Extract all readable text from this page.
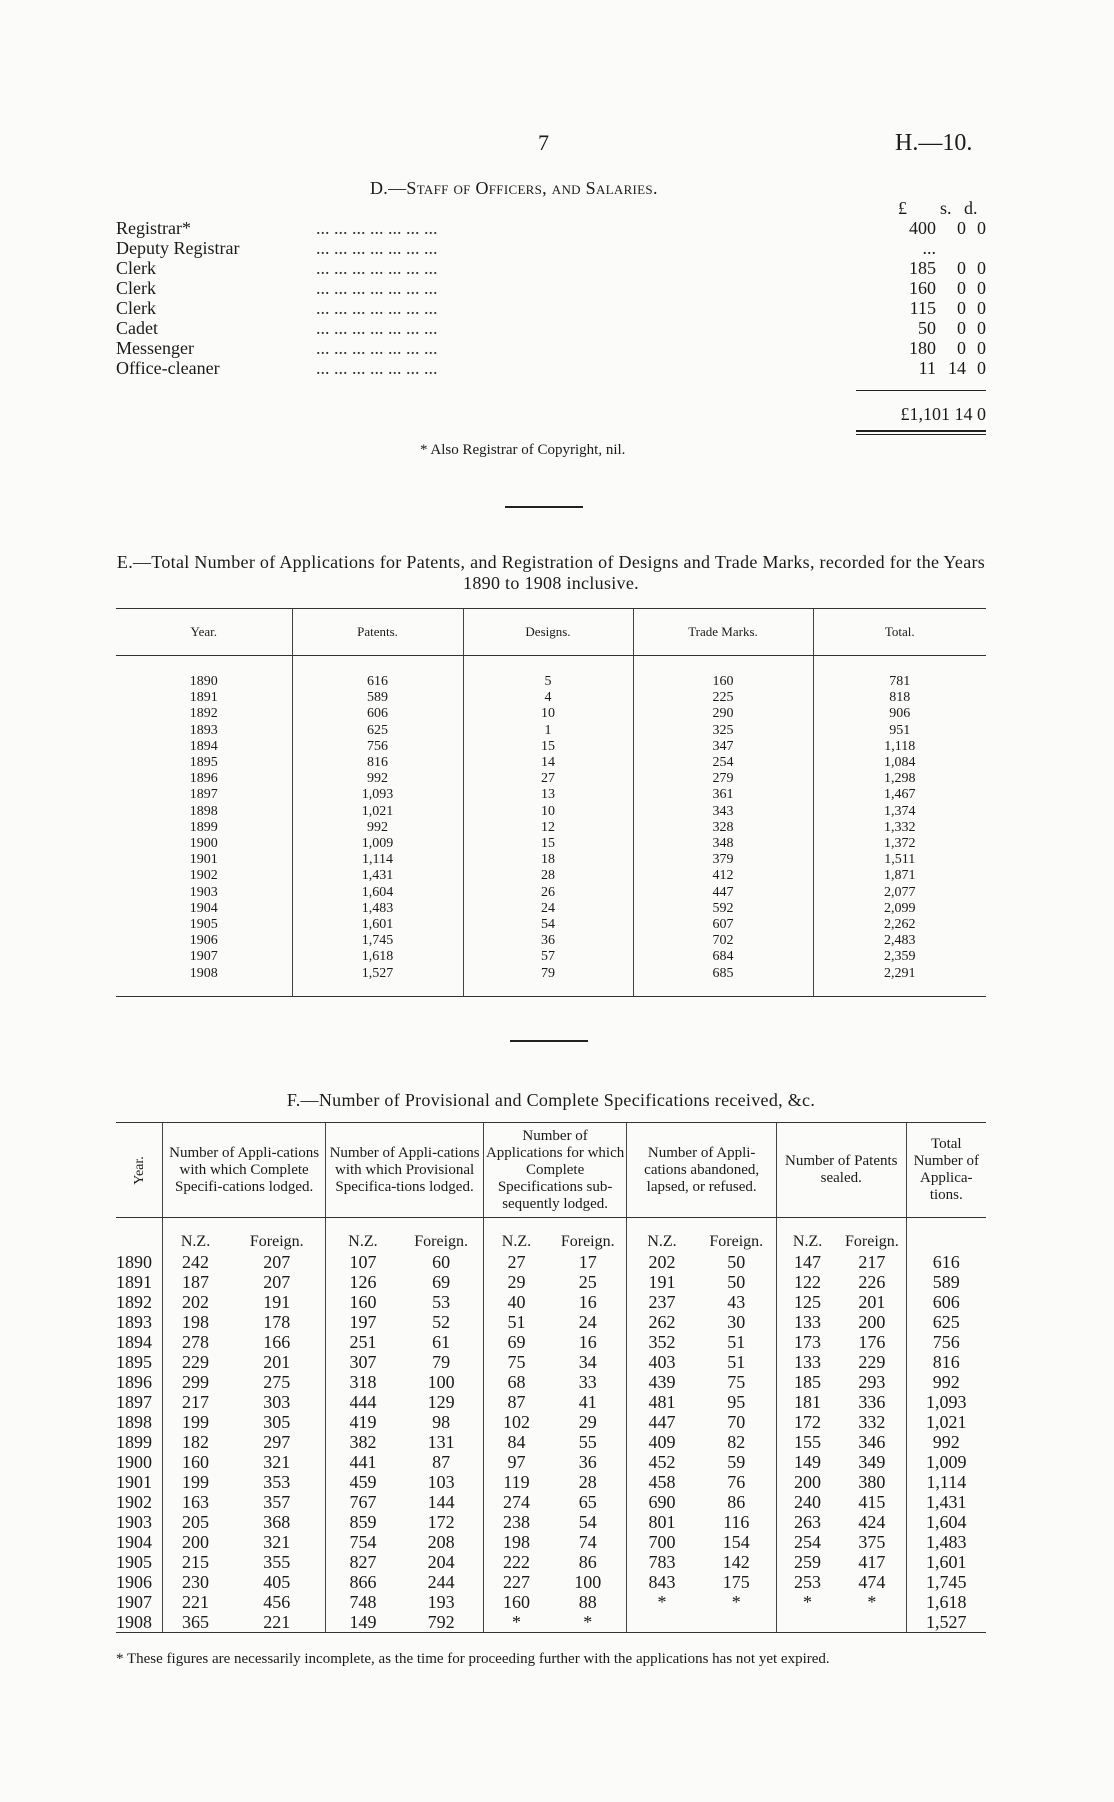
7	H.—10.
D.—Staff of Officers, and Salaries.
£ s. d.
Registrar*	... ... ... ... ... ... ...	400	0	0
Deputy Registrar	... ... ... ... ... ... ...	...		
Clerk	... ... ... ... ... ... ...	185	0	0
Clerk	... ... ... ... ... ... ...	160	0	0
Clerk	... ... ... ... ... ... ...	115	0	0
Cadet	... ... ... ... ... ... ...	50	0	0
Messenger	... ... ... ... ... ... ...	180	0	0
Office-cleaner	... ... ... ... ... ... ...	11	14	0
£1,101 14 0
* Also Registrar of Copyright, nil.
E.—Total Number of Applications for Patents, and Registration of Designs and Trade Marks, recorded for the Years 1890 to 1908 inclusive.
Year.	Patents.	Designs.	Trade Marks.	Total.
1890	616	5	160	781
1891	589	4	225	818
1892	606	10	290	906
1893	625	1	325	951
1894	756	15	347	1,118
1895	816	14	254	1,084
1896	992	27	279	1,298
1897	1,093	13	361	1,467
1898	1,021	10	343	1,374
1899	992	12	328	1,332
1900	1,009	15	348	1,372
1901	1,114	18	379	1,511
1902	1,431	28	412	1,871
1903	1,604	26	447	2,077
1904	1,483	24	592	2,099
1905	1,601	54	607	2,262
1906	1,745	36	702	2,483
1907	1,618	57	684	2,359
1908	1,527	79	685	2,291
F.—Number of Provisional and Complete Specifications received, &c.
Year.	Number of Appli-cations with which Complete Specifi-cations lodged.		Number of Appli-cations with which Provisional Specifica-tions lodged.		Number of Applications for which Complete Specifications sub-sequently lodged.		Number of Appli-cations abandoned, lapsed, or refused.		Number of Patents sealed.		Total Number of Applica-tions.
	N.Z.	Foreign.	N.Z.	Foreign.	N.Z.	Foreign.	N.Z.	Foreign.	N.Z.	Foreign.	
1890	242	207	107	60	27	17	202	50	147	217	616
1891	187	207	126	69	29	25	191	50	122	226	589
1892	202	191	160	53	40	16	237	43	125	201	606
1893	198	178	197	52	51	24	262	30	133	200	625
1894	278	166	251	61	69	16	352	51	173	176	756
1895	229	201	307	79	75	34	403	51	133	229	816
1896	299	275	318	100	68	33	439	75	185	293	992
1897	217	303	444	129	87	41	481	95	181	336	1,093
1898	199	305	419	98	102	29	447	70	172	332	1,021
1899	182	297	382	131	84	55	409	82	155	346	992
1900	160	321	441	87	97	36	452	59	149	349	1,009
1901	199	353	459	103	119	28	458	76	200	380	1,114
1902	163	357	767	144	274	65	690	86	240	415	1,431
1903	205	368	859	172	238	54	801	116	263	424	1,604
1904	200	321	754	208	198	74	700	154	254	375	1,483
1905	215	355	827	204	222	86	783	142	259	417	1,601
1906	230	405	866	244	227	100	843	175	253	474	1,745
1907	221	456	748	193	160	88	*	*	*	*	1,618
1908	365	221	149	792	*	*					1,527
* These figures are necessarily incomplete, as the time for proceeding further with the applications has not yet expired.
